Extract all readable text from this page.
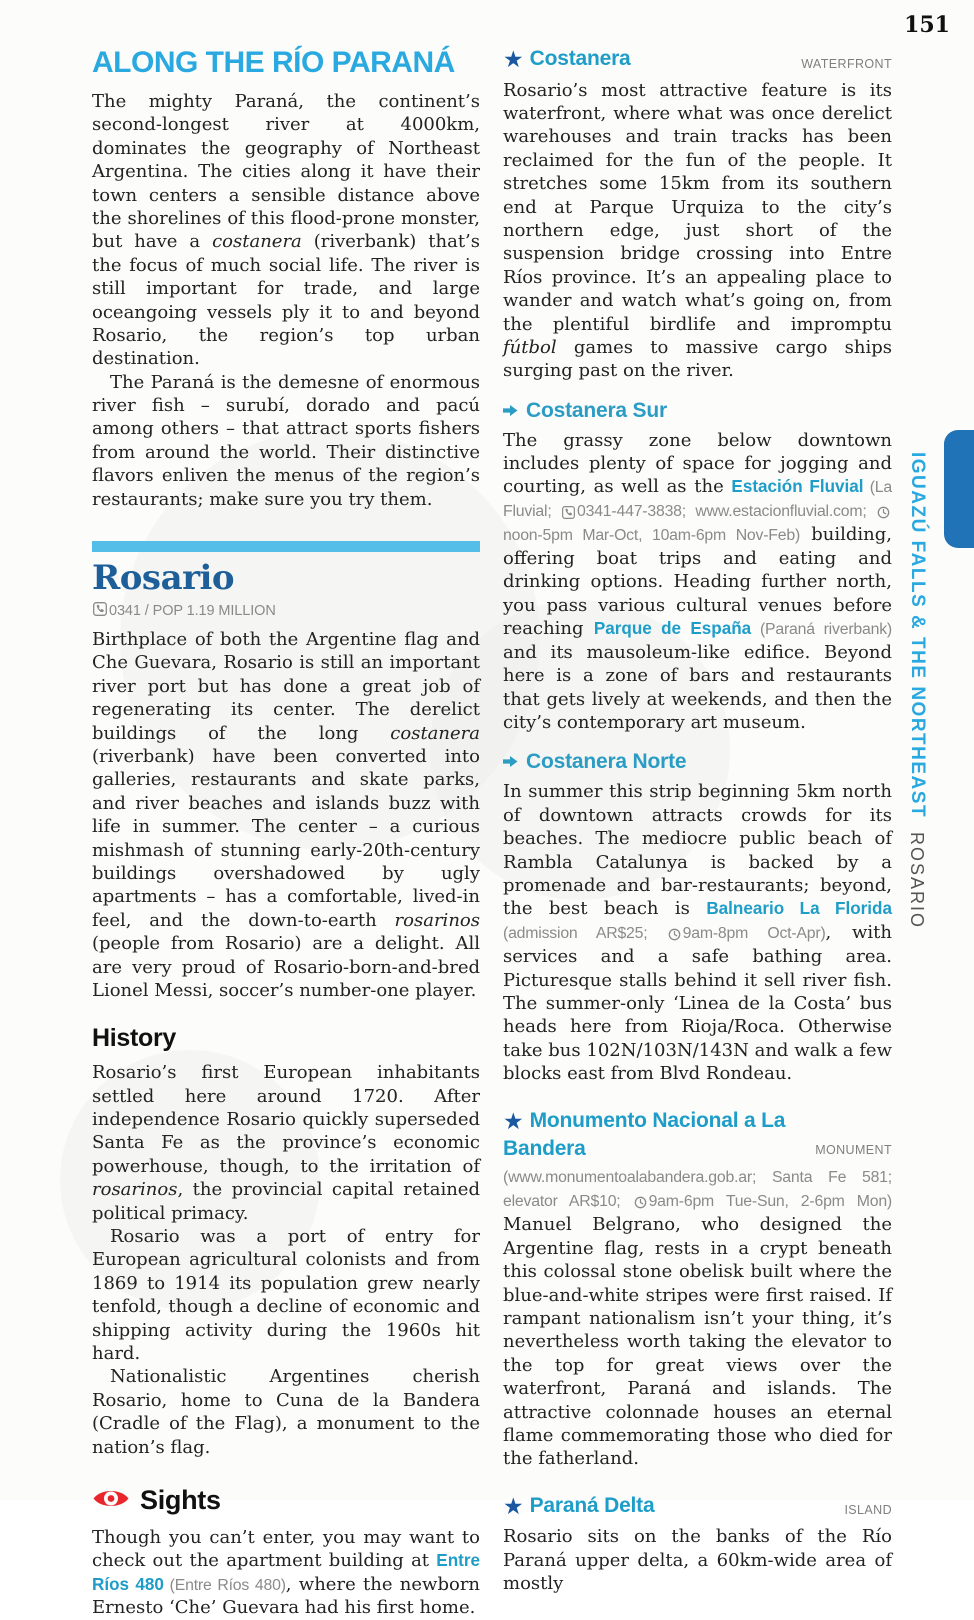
151
ALONG THE RÍO PARANÁ

The mighty Paraná, the continent’s second-longest river at 4000km, dominates the geography of Northeast Argentina. The cities along it have their town centers a sensible distance above the shorelines of this flood-prone monster, but have a costanera (riverbank) that’s the focus of much social life. The river is still important for trade, and large oceangoing vessels ply it to and beyond Rosario, the region’s top urban destination.

The Paraná is the demesne of enormous river fish – surubí, dorado and pacú among others – that attract sports fishers from around the world. Their distinctive flavors enliven the menus of the region’s restaurants; make sure you try them.

Rosario
0341 / POP 1.19 MILLION

Birthplace of both the Argentine flag and Che Guevara, Rosario is still an important river port but has done a great job of regenerating its center. The derelict buildings of the long costanera (riverbank) have been converted into galleries, restaurants and skate parks, and river beaches and islands buzz with life in summer. The center – a curious mishmash of stunning early-20th-century buildings overshadowed by ugly apartments – has a comfortable, lived-in feel, and the down-to-earth rosarinos (people from Rosario) are a delight. All are very proud of Rosario-born-and-bred Lionel Messi, soccer’s number-one player.

History

Rosario’s first European inhabitants settled here around 1720. After independence Rosario quickly superseded Santa Fe as the province’s economic powerhouse, though, to the irritation of rosarinos, the provincial capital retained political primacy.

Rosario was a port of entry for European agricultural colonists and from 1869 to 1914 its population grew nearly tenfold, though a decline of economic and shipping activity during the 1960s hit hard.

Nationalistic Argentines cherish Rosario, home to Cuna de la Bandera (Cradle of the Flag), a monument to the nation’s flag.

Sights

Though you can’t enter, you may want to check out the apartment building at Entre Ríos 480 (Entre Ríos 480), where the newborn Ernesto ‘Che’ Guevara had his first home.

★ Costanera	WATERFRONT

Rosario’s most attractive feature is its waterfront, where what was once derelict warehouses and train tracks has been reclaimed for the fun of the people. It stretches some 15km from its southern end at Parque Urquiza to the city’s northern edge, just short of the suspension bridge crossing into Entre Ríos province. It’s an appealing place to wander and watch what’s going on, from the plentiful birdlife and impromptu fútbol games to massive cargo ships surging past on the river.

Costanera Sur

The grassy zone below downtown includes plenty of space for jogging and courting, as well as the Estación Fluvial (La Fluvial; 0341-447-3838; www.estacionfluvial.com; noon-5pm Mar-Oct, 10am-6pm Nov-Feb) building, offering boat trips and eating and drinking options. Heading further north, you pass various cultural venues before reaching Parque de España (Paraná riverbank) and its mausoleum-like edifice. Beyond here is a zone of bars and restaurants that gets lively at weekends, and then the city’s contemporary art museum.

Costanera Norte

In summer this strip beginning 5km north of downtown attracts crowds for its beaches. The mediocre public beach of Rambla Catalunya is backed by a promenade and bar-restaurants; beyond, the best beach is Balneario La Florida (admission AR$25; 9am-8pm Oct-Apr), with services and a safe bathing area. Picturesque stalls behind it sell river fish. The summer-only ‘Linea de la Costa’ bus heads here from Rioja/Roca. Otherwise take bus 102N/103N/143N and walk a few blocks east from Blvd Rondeau.

★ Monumento Nacional a La Bandera	MONUMENT

(www.monumentoalabandera.gob.ar; Santa Fe 581; elevator AR$10; 9am-6pm Tue-Sun, 2-6pm Mon) Manuel Belgrano, who designed the Argentine flag, rests in a crypt beneath this colossal stone obelisk built where the blue-and-white stripes were first raised. If rampant nationalism isn’t your thing, it’s nevertheless worth taking the elevator to the top for great views over the waterfront, Paraná and islands. The attractive colonnade houses an eternal flame commemorating those who died for the fatherland.

★ Paraná Delta	ISLAND

Rosario sits on the banks of the Río Paraná upper delta, a 60km-wide area of mostly

IGUAZÚ FALLS & THE NORTHEASTROSARIO
